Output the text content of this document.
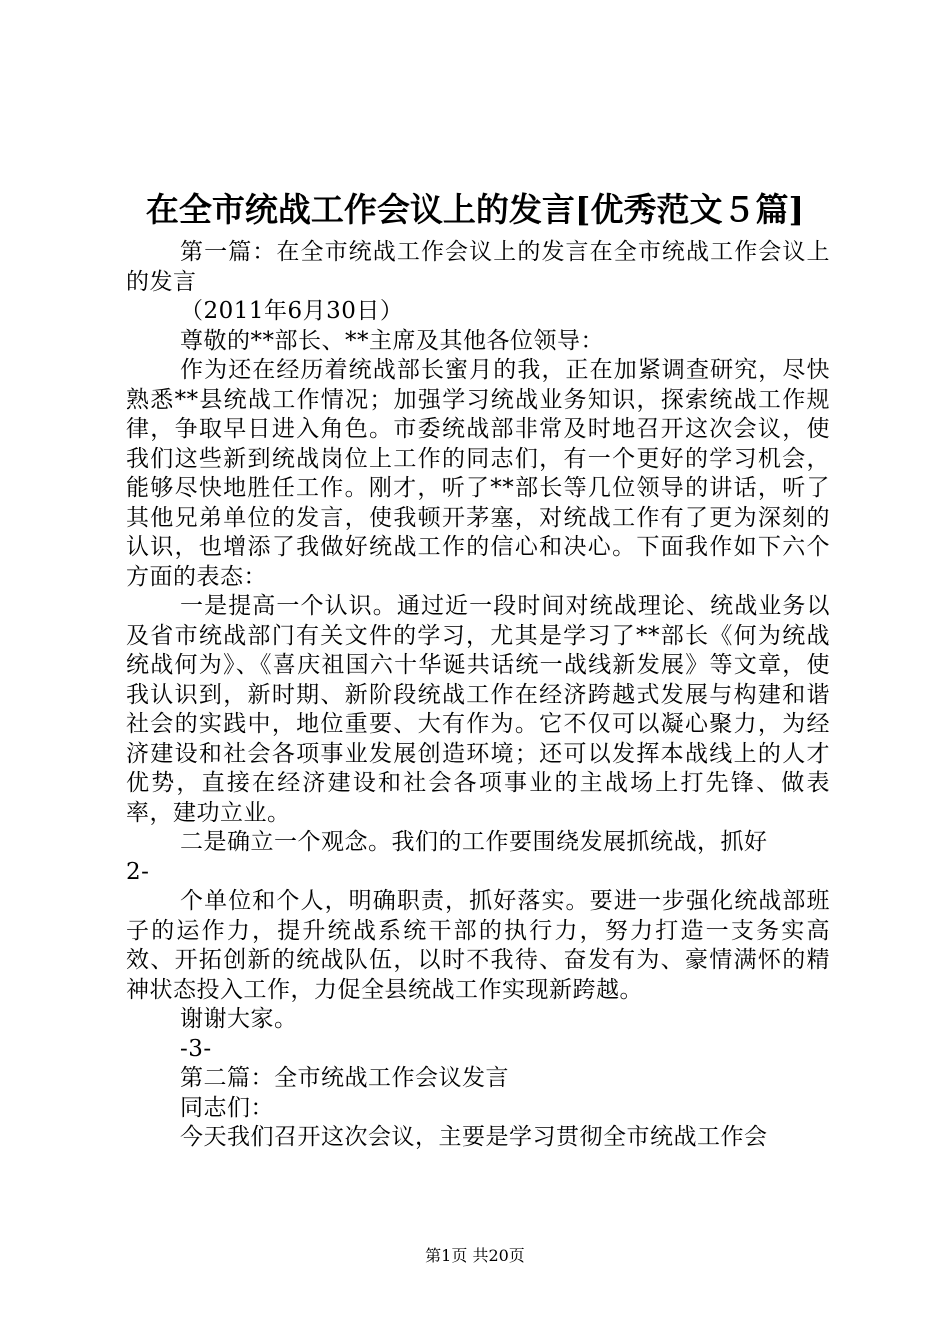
在全市统战工作会议上的发言[优秀范文５篇]

第一篇：在全市统战工作会议上的发言在全市统战工作会议上的发言

（2011年6月30日）

尊敬的**部长、**主席及其他各位领导：

作为还在经历着统战部长蜜月的我，正在加紧调查研究，尽快熟悉**县统战工作情况；加强学习统战业务知识，探索统战工作规律，争取早日进入角色。市委统战部非常及时地召开这次会议，使我们这些新到统战岗位上工作的同志们，有一个更好的学习机会，能够尽快地胜任工作。刚才，听了**部长等几位领导的讲话，听了其他兄弟单位的发言，使我顿开茅塞，对统战工作有了更为深刻的认识，也增添了我做好统战工作的信心和决心。下面我作如下六个方面的表态：

一是提高一个认识。通过近一段时间对统战理论、统战业务以及省市统战部门有关文件的学习，尤其是学习了**部长《何为统战统战何为》、《喜庆祖国六十华诞共话统一战线新发展》等文章，使我认识到，新时期、新阶段统战工作在经济跨越式发展与构建和谐社会的实践中，地位重要、大有作为。它不仅可以凝心聚力，为经济建设和社会各项事业发展创造环境；还可以发挥本战线上的人才优势，直接在经济建设和社会各项事业的主战场上打先锋、做表率，建功立业。

二是确立一个观念。我们的工作要围绕发展抓统战，抓好

2-

个单位和个人，明确职责，抓好落实。要进一步强化统战部班子的运作力，提升统战系统干部的执行力，努力打造一支务实高效、开拓创新的统战队伍，以时不我待、奋发有为、豪情满怀的精神状态投入工作，力促全县统战工作实现新跨越。

谢谢大家。

-3-

第二篇：全市统战工作会议发言

同志们：

今天我们召开这次会议，主要是学习贯彻全市统战工作会

第1页 共20页
